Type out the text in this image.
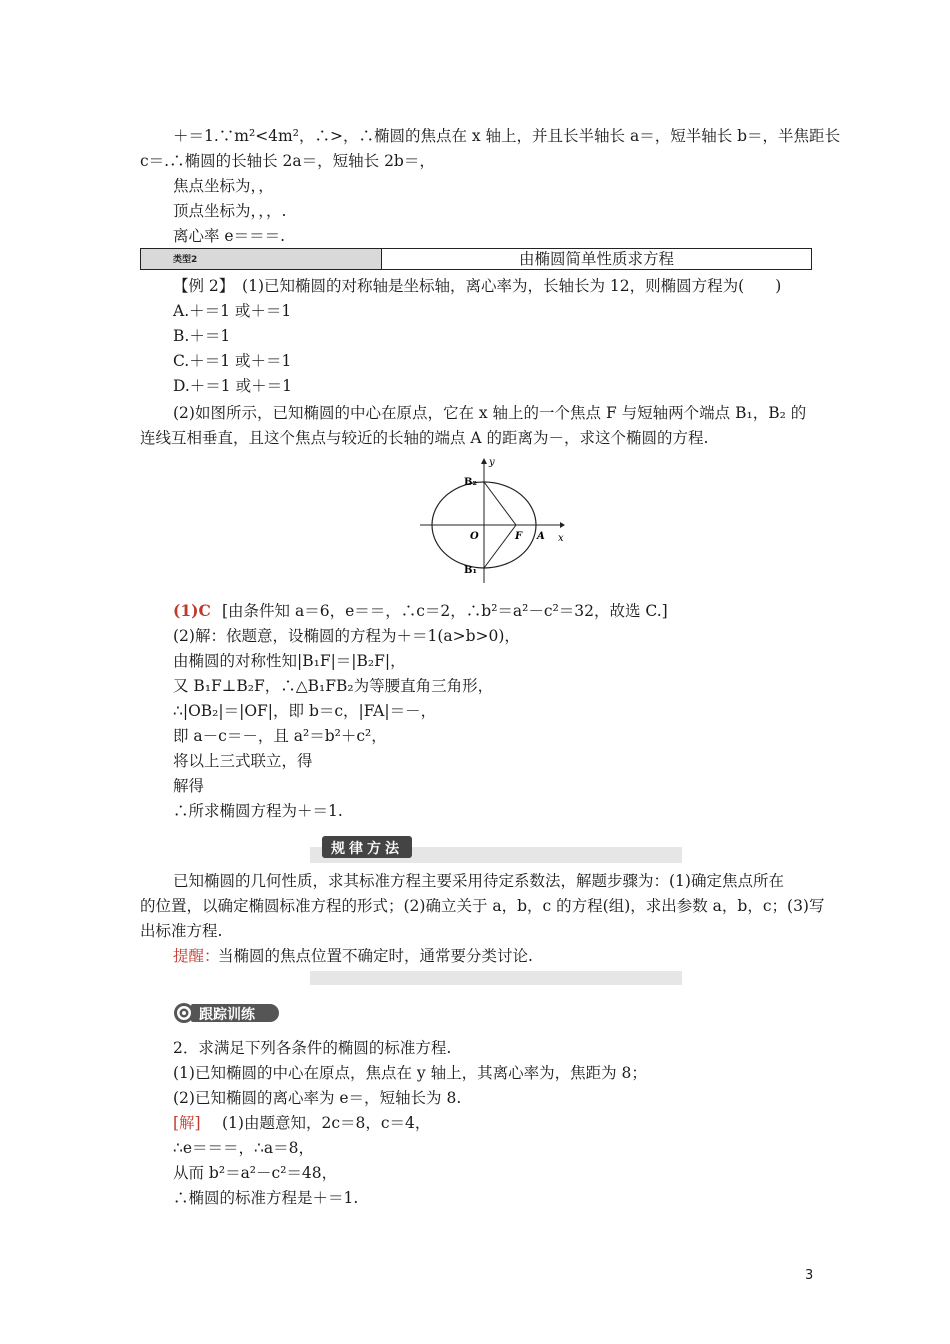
＋＝1.∵m²<4m²，∴>，∴椭圆的焦点在 x 轴上，并且长半轴长 a＝，短半轴长 b＝，半焦距长
c＝.∴椭圆的长轴长 2a＝，短轴长 2b＝，
焦点坐标为，，
顶点坐标为，，，.
离心率 e＝＝＝.
【例 2】　(1)已知椭圆的对称轴是坐标轴，离心率为，长轴长为 12，则椭圆方程为(　　)
A.＋＝1 或＋＝1
B.＋＝1
C.＋＝1 或＋＝1
D.＋＝1 或＋＝1
(2)如图所示，已知椭圆的中心在原点，它在 x 轴上的一个焦点 F 与短轴两个端点 B₁，B₂ 的
连线互相垂直，且这个焦点与较近的长轴的端点 A 的距离为－，求这个椭圆的方程.
[由条件知 a＝6，e＝＝，∴c＝2，∴b²＝a²－c²＝32，故选 C.]
(2)解：依题意，设椭圆的方程为＋＝1(a>b>0)，
由椭圆的对称性知|B₁F|＝|B₂F|，
又 B₁F⊥B₂F，∴△B₁FB₂为等腰直角三角形，
∴|OB₂|＝|OF|，即 b＝c，|FA|＝－，
即 a－c＝－，且 a²＝b²＋c²，
将以上三式联立，得
解得
∴所求椭圆方程为＋＝1.
已知椭圆的几何性质，求其标准方程主要采用待定系数法，解题步骤为：(1)确定焦点所在
的位置，以确定椭圆标准方程的形式；(2)确立关于 a，b，c 的方程(组)，求出参数 a，b，c；(3)写
出标准方程.
当椭圆的焦点位置不确定时，通常要分类讨论.
2．求满足下列各条件的椭圆的标准方程.
(1)已知椭圆的中心在原点，焦点在 y 轴上，其离心率为，焦距为 8；
(2)已知椭圆的离心率为 e＝，短轴长为 8.
(1)由题意知，2c＝8，c＝4，
∴e＝＝＝，∴a＝8，
从而 b²＝a²－c²＝48，
∴椭圆的标准方程是＋＝1.
类型2	由椭圆简单性质求方程
(1)C
提醒：
[解]
y
x
B₂
B₁
O	F A
规律方法
跟踪训练
3
